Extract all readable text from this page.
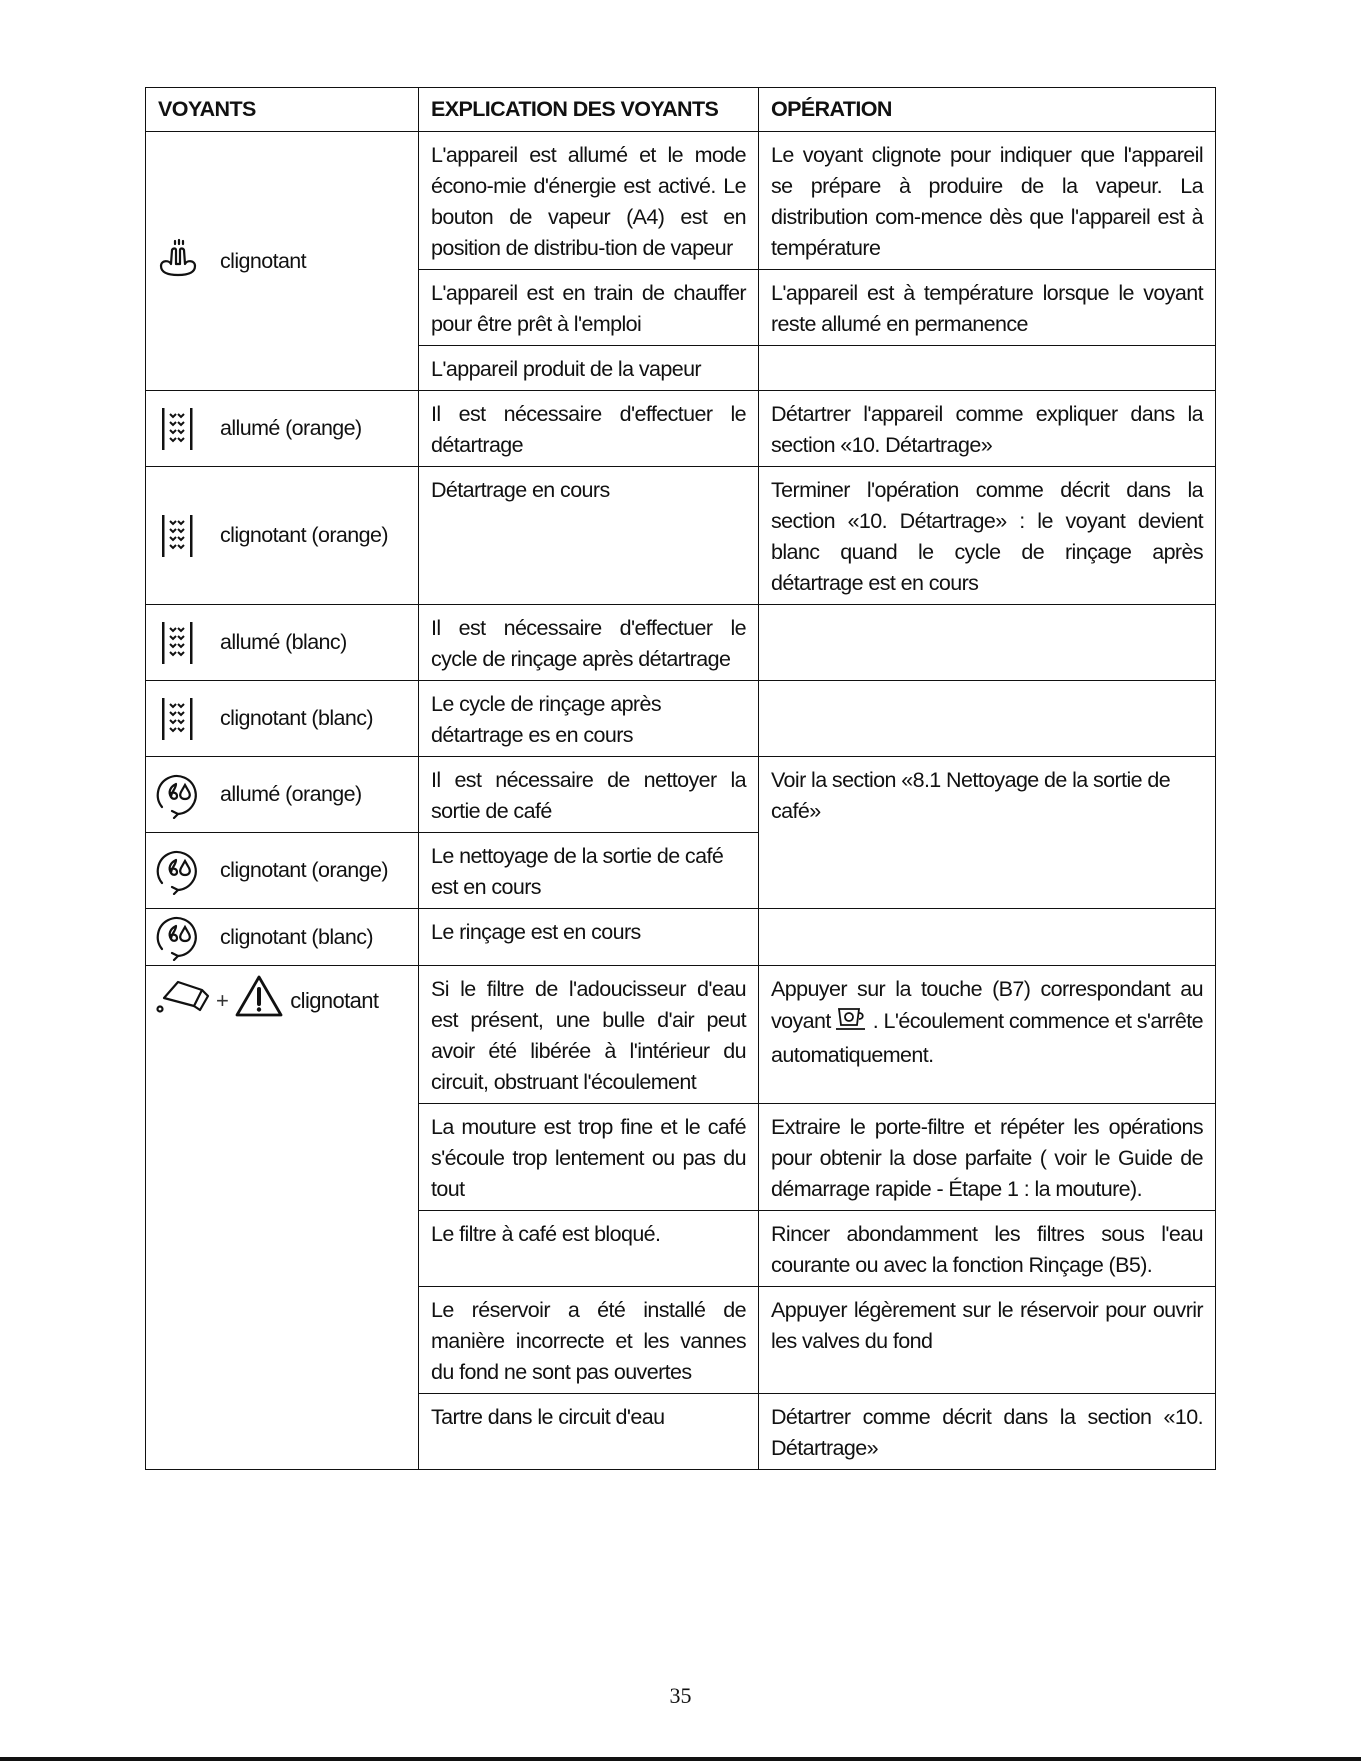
VOYANTS	EXPLICATION DES VOYANTS	OPÉRATION

clignotant	L'appareil est allumé et le mode écono-mie d'énergie est activé. Le bouton de vapeur (A4) est en position de distribu-tion de vapeur	Le voyant clignote pour indiquer que l'appareil se prépare à produire de la vapeur. La distribution com-mence dès que l'appareil est à température
	L'appareil est en train de chauffer pour être prêt à l'emploi	L'appareil est à température lorsque le voyant reste allumé en permanence
	L'appareil produit de la vapeur	

allumé (orange)	Il est nécessaire d'effectuer le détartrage	Détartrer l'appareil comme expliquer dans la section «10. Détartrage»

clignotant (orange)	Détartrage en cours	Terminer l'opération comme décrit dans la section «10. Détartrage» : le voyant devient blanc quand le cycle de rinçage après détartrage est en cours

allumé (blanc)	Il est nécessaire d'effectuer le cycle de rinçage après détartrage	

clignotant (blanc)	Le cycle de rinçage après détartrage es en cours	

allumé (orange)	Il est nécessaire de nettoyer la sortie de café	Voir la section «8.1 Nettoyage de la sortie de café»

clignotant (orange)	Le nettoyage de la sortie de café est en cours	

clignotant (blanc)	Le rinçage est en cours	

+ clignotant	Si le filtre de l'adoucisseur d'eau est présent, une bulle d'air peut avoir été libérée à l'intérieur du circuit, obstruant l'écoulement	Appuyer sur la touche (B7) correspondant au voyant . L'écoulement commence et s'arrête automatiquement.
	La mouture est trop fine et le café s'écoule trop lentement ou pas du tout	Extraire le porte-filtre et répéter les opérations pour obtenir la dose parfaite ( voir le Guide de démarrage rapide - Étape 1 : la mouture).
	Le filtre à café est bloqué.	Rincer abondamment les filtres sous l'eau courante ou avec la fonction Rinçage (B5).
	Le réservoir a été installé de manière incorrecte et les vannes du fond ne sont pas ouvertes	Appuyer légèrement sur le réservoir pour ouvrir les valves du fond
	Tartre dans le circuit d'eau	Détartrer comme décrit dans la section «10. Détartrage»
35
